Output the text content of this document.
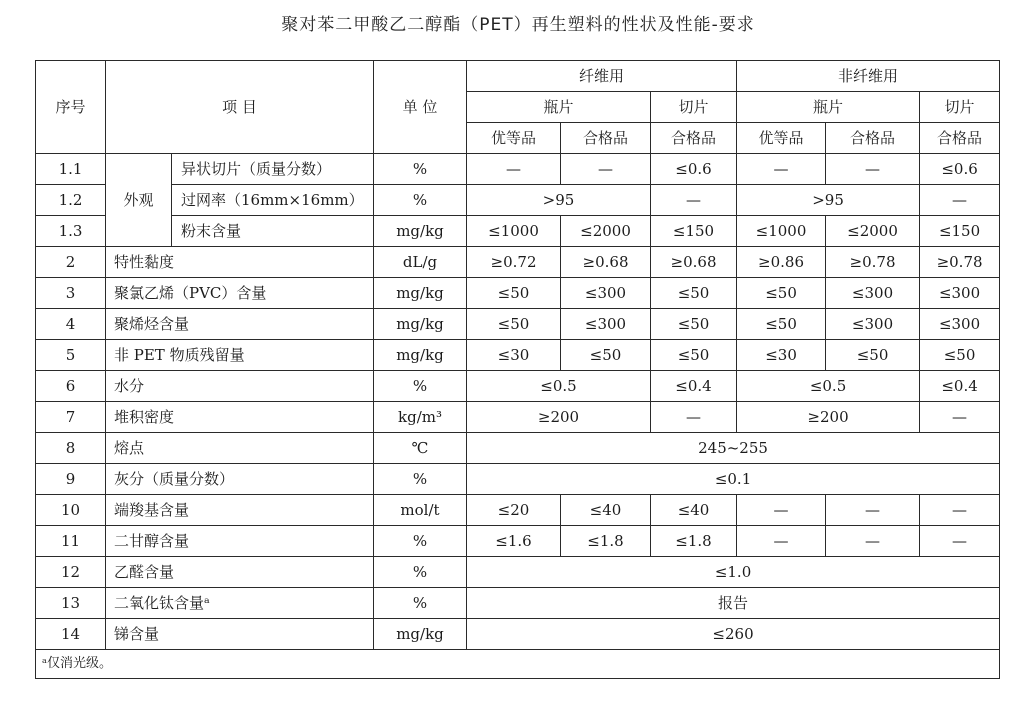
聚对苯二甲酸乙二醇酯（PET）再生塑料的性状及性能-要求
序号	项 目		单 位	纤维用			非纤维用		
				瓶片		切片	瓶片		切片
				优等品	合格品	合格品	优等品	合格品	合格品
1.1	外观	异状切片（质量分数）	%	—	—	≤0.6	—	—	≤0.6
1.2		过网率（16mm×16mm）	%	>95		—	>95		—
1.3		粉末含量	mg/kg	≤1000	≤2000	≤150	≤1000	≤2000	≤150
2	特性黏度		dL/g	≥0.72	≥0.68	≥0.68	≥0.86	≥0.78	≥0.78
3	聚氯乙烯（PVC）含量		mg/kg	≤50	≤300	≤50	≤50	≤300	≤300
4	聚烯烃含量		mg/kg	≤50	≤300	≤50	≤50	≤300	≤300
5	非 PET 物质残留量		mg/kg	≤30	≤50	≤50	≤30	≤50	≤50
6	水分		%	≤0.5		≤0.4	≤0.5		≤0.4
7	堆积密度		kg/m³	≥200		—	≥200		—
8	熔点		℃	245~255					
9	灰分（质量分数）		%	≤0.1					
10	端羧基含量		mol/t	≤20	≤40	≤40	—	—	—
11	二甘醇含量		%	≤1.6	≤1.8	≤1.8	—	—	—
12	乙醛含量		%	≤1.0					
13	二氧化钛含量ᵃ		%	报告					
14	锑含量		mg/kg	≤260					
ᵃ仅消光级。									
